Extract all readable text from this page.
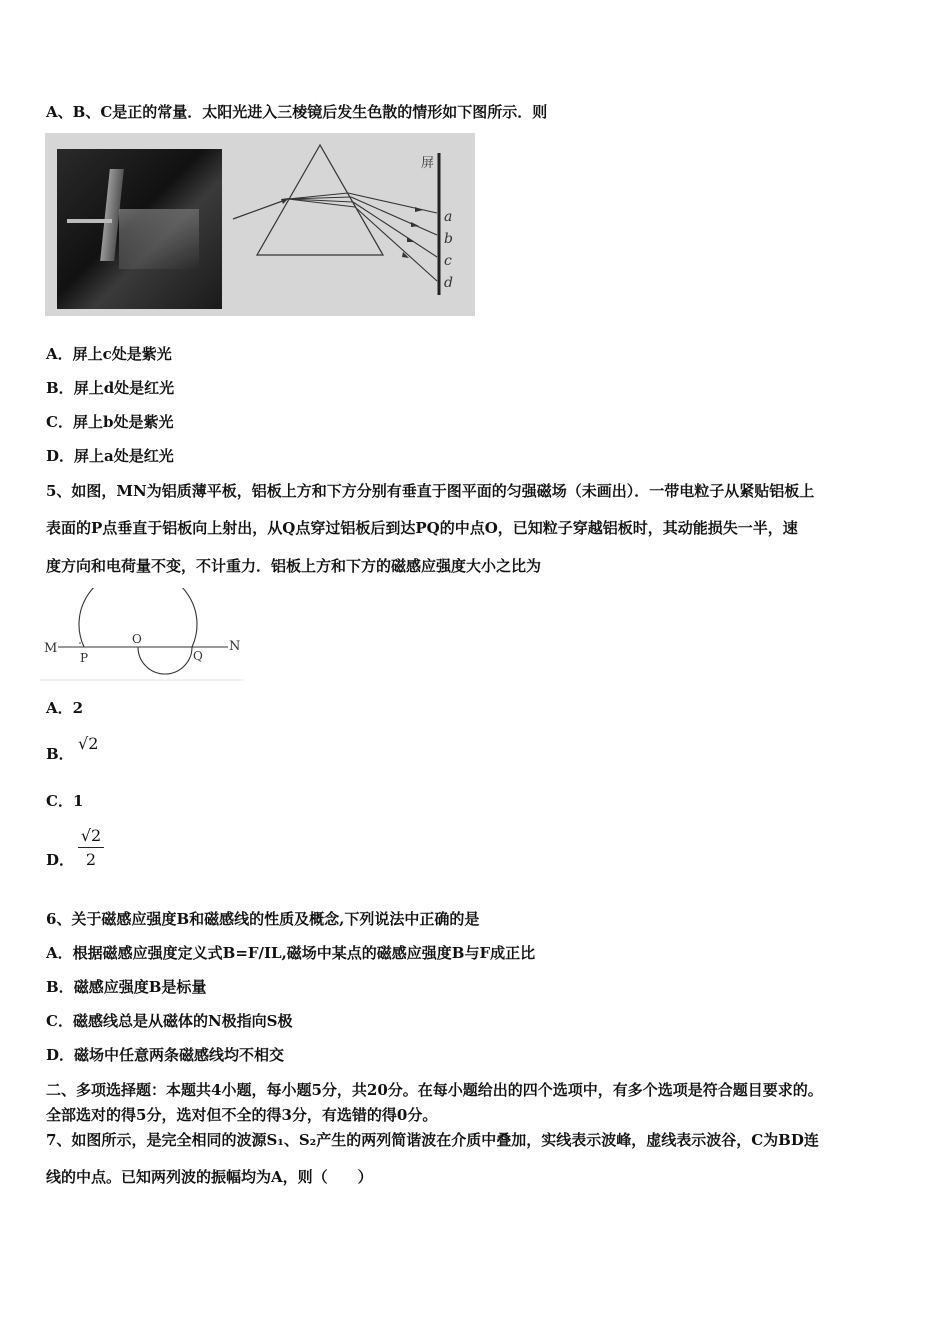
A、B、C是正的常量．太阳光进入三棱镜后发生色散的情形如下图所示．则
屏
a
b
c
d
A．屏上c处是紫光
B．屏上d处是红光
C．屏上b处是紫光
D．屏上a处是红光
5、如图，MN为铝质薄平板，铝板上方和下方分别有垂直于图平面的匀强磁场（未画出）．一带电粒子从紧贴铝板上
表面的P点垂直于铝板向上射出，从Q点穿过铝板后到达PQ的中点O，已知粒子穿越铝板时，其动能损失一半，速
度方向和电荷量不变，不计重力．铝板上方和下方的磁感应强度大小之比为
M	N
P	Q
O
A．2
B．
√2
C．1
D． $\frac{√2}{2}$
6、关于磁感应强度B和磁感线的性质及概念,下列说法中正确的是
A．根据磁感应强度定义式B=F/IL,磁场中某点的磁感应强度B与F成正比
B．磁感应强度B是标量
C．磁感线总是从磁体的N极指向S极
D．磁场中任意两条磁感线均不相交
二、多项选择题：本题共4小题，每小题5分，共20分。在每小题给出的四个选项中，有多个选项是符合题目要求的。
全部选对的得5分，选对但不全的得3分，有选错的得0分。
7、如图所示，是完全相同的波源S₁、S₂产生的两列简谐波在介质中叠加，实线表示波峰，虚线表示波谷，C为BD连
线的中点。已知两列波的振幅均为A，则（　　）
